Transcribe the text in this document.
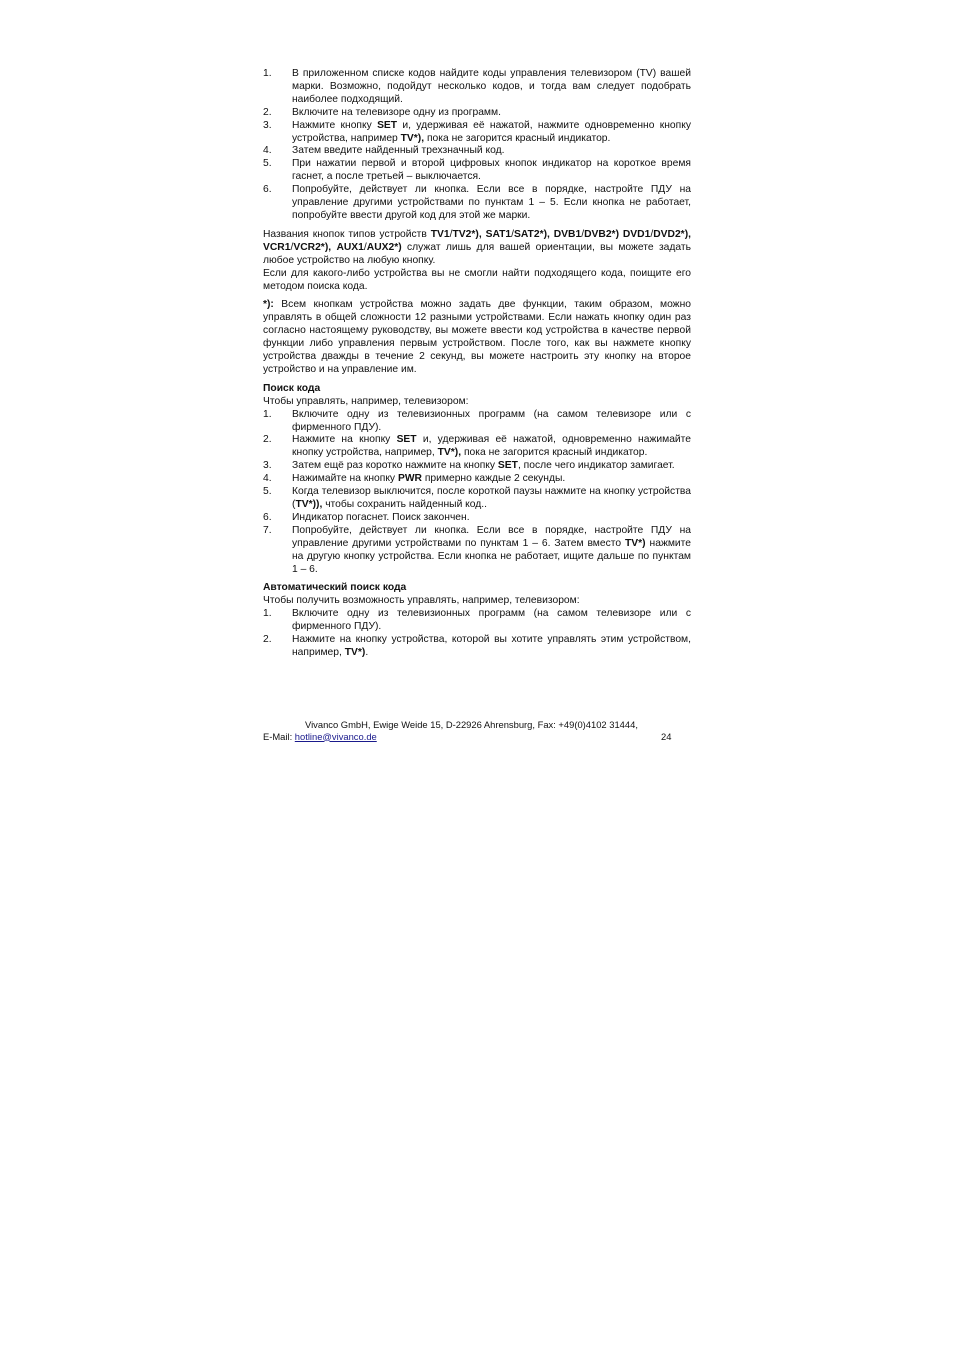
1. В приложенном списке кодов найдите коды управления телевизором (TV) вашей марки. Возможно, подойдут несколько кодов, и тогда вам следует подобрать наиболее подходящий.
2. Включите на телевизоре одну из программ.
3. Нажмите кнопку SET и, удерживая её нажатой, нажмите одновременно кнопку устройства, например TV*), пока не загорится красный индикатор.
4. Затем введите найденный трехзначный код.
5. При нажатии первой и второй цифровых кнопок индикатор на короткое время гаснет, а после третьей – выключается.
6. Попробуйте, действует ли кнопка. Если все в порядке, настройте ПДУ на управление другими устройствами по пунктам 1 – 5. Если кнопка не работает, попробуйте ввести другой код для этой же марки.

Названия кнопок типов устройств TV1/TV2*), SAT1/SAT2*), DVB1/DVB2*) DVD1/DVD2*), VCR1/VCR2*), AUX1/AUX2*) служат лишь для вашей ориентации, вы можете задать любое устройство на любую кнопку.

Если для какого-либо устройства вы не смогли найти подходящего кода, поищите его методом поиска кода.

*): Всем кнопкам устройства можно задать две функции, таким образом, можно управлять в общей сложности 12 разными устройствами. Если нажать кнопку один раз согласно настоящему руководству, вы можете ввести код устройства в качестве первой функции либо управления первым устройством. После того, как вы нажмете кнопку устройства дважды в течение 2 секунд, вы можете настроить эту кнопку на второе устройство и на управление им.

Поиск кода

Чтобы управлять, например, телевизором:

1. Включите одну из телевизионных программ (на самом телевизоре или с фирменного ПДУ).
2. Нажмите на кнопку SET и, удерживая её нажатой, одновременно нажимайте кнопку устройства, например, TV*), пока не загорится красный индикатор.
3. Затем ещё раз коротко нажмите на кнопку SET, после чего индикатор замигает.
4. Нажимайте на кнопку PWR примерно каждые 2 секунды.
5. Когда телевизор выключится, после короткой паузы нажмите на кнопку устройства (TV*)), чтобы сохранить найденный код..
6. Индикатор погаснет. Поиск закончен.
7. Попробуйте, действует ли кнопка. Если все в порядке, настройте ПДУ на управление другими устройствами по пунктам 1 – 6. Затем вместо TV*) нажмите на другую кнопку устройства. Если кнопка не работает, ищите дальше по пунктам 1 – 6.

Автоматический поиск кода

Чтобы получить возможность управлять, например, телевизором:

1. Включите одну из телевизионных программ (на самом телевизоре или с фирменного ПДУ).
2. Нажмите на кнопку устройства, которой вы хотите управлять этим устройством, например, TV*).
Vivanco GmbH, Ewige Weide 15, D-22926 Ahrensburg, Fax: +49(0)4102 31444,
E-Mail: hotline@vivanco.de	24
